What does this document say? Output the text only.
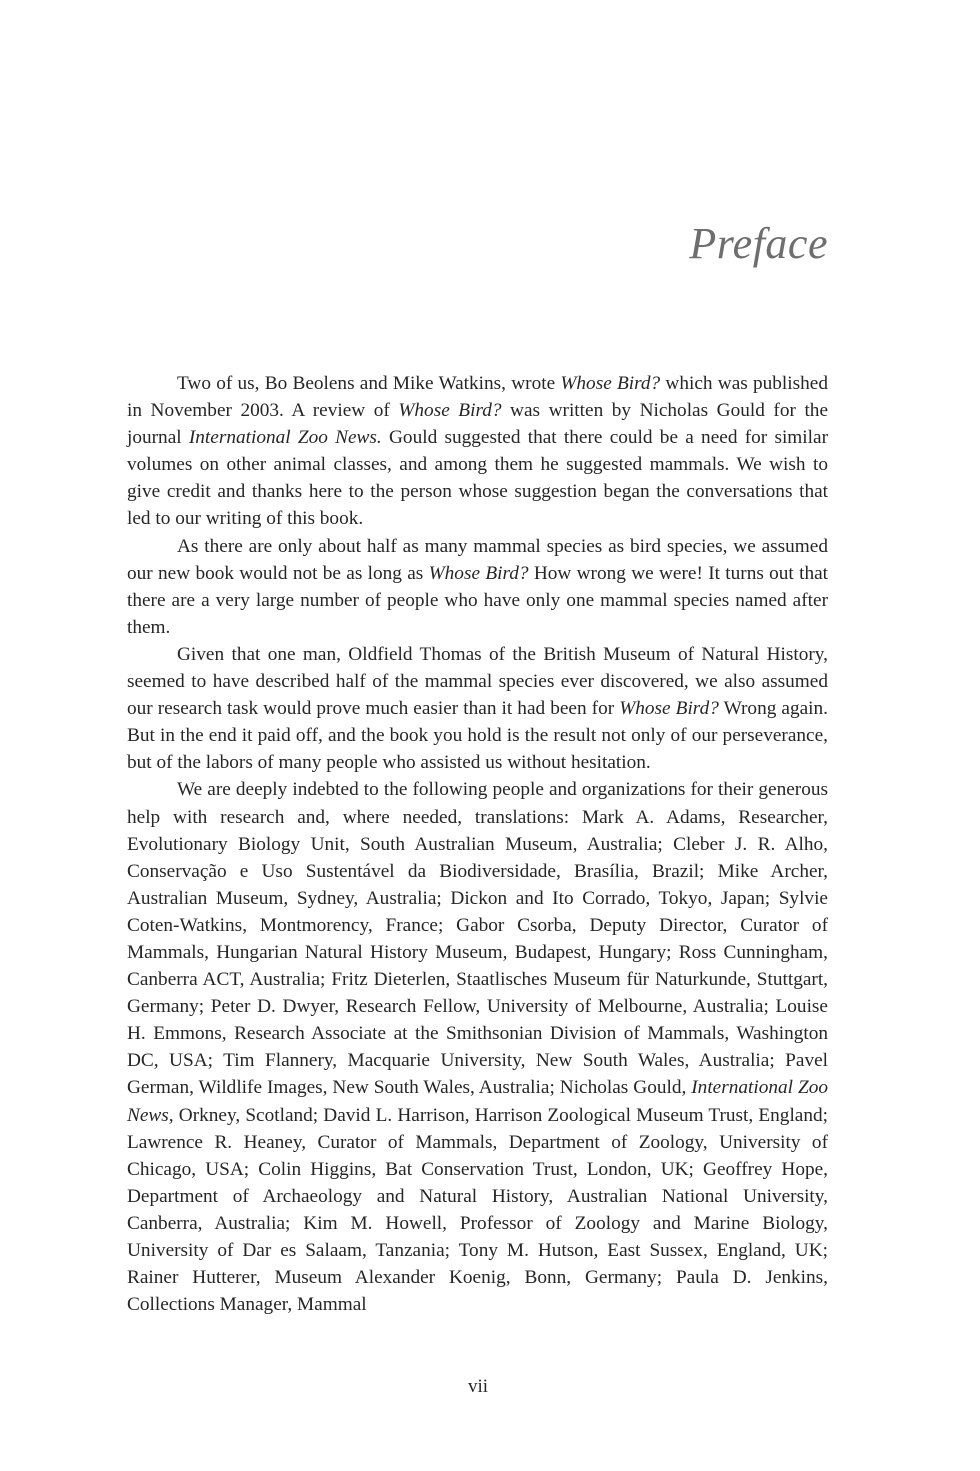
Preface

Two of us, Bo Beolens and Mike Watkins, wrote Whose Bird? which was published in November 2003. A review of Whose Bird? was written by Nicholas Gould for the journal International Zoo News. Gould suggested that there could be a need for similar volumes on other animal classes, and among them he suggested mammals. We wish to give credit and thanks here to the person whose suggestion began the conversations that led to our writing of this book.

As there are only about half as many mammal species as bird species, we assumed our new book would not be as long as Whose Bird? How wrong we were! It turns out that there are a very large number of people who have only one mammal species named after them.

Given that one man, Oldfield Thomas of the British Museum of Natural History, seemed to have described half of the mammal species ever discovered, we also assumed our research task would prove much easier than it had been for Whose Bird? Wrong again. But in the end it paid off, and the book you hold is the result not only of our perseverance, but of the labors of many people who assisted us without hesitation.

We are deeply indebted to the following people and organizations for their generous help with research and, where needed, translations: Mark A. Adams, Researcher, Evolutionary Biology Unit, South Australian Museum, Australia; Cleber J. R. Alho, Conservação e Uso Sustentável da Biodiversidade, Brasília, Brazil; Mike Archer, Australian Museum, Sydney, Australia; Dickon and Ito Corrado, Tokyo, Japan; Sylvie Coten-Watkins, Montmorency, France; Gabor Csorba, Deputy Director, Curator of Mammals, Hungarian Natural History Museum, Budapest, Hungary; Ross Cunningham, Canberra ACT, Australia; Fritz Dieterlen, Staatlisches Museum für Naturkunde, Stuttgart, Germany; Peter D. Dwyer, Research Fellow, University of Melbourne, Australia; Louise H. Emmons, Research Associate at the Smithsonian Division of Mammals, Washington DC, USA; Tim Flannery, Macquarie University, New South Wales, Australia; Pavel German, Wildlife Images, New South Wales, Australia; Nicholas Gould, International Zoo News, Orkney, Scotland; David L. Harrison, Harrison Zoological Museum Trust, England; Lawrence R. Heaney, Curator of Mammals, Department of Zoology, University of Chicago, USA; Colin Higgins, Bat Conservation Trust, London, UK; Geoffrey Hope, Department of Archaeology and Natural History, Australian National University, Canberra, Australia; Kim M. Howell, Professor of Zoology and Marine Biology, University of Dar es Salaam, Tanzania; Tony M. Hutson, East Sussex, England, UK; Rainer Hutterer, Museum Alexander Koenig, Bonn, Germany; Paula D. Jenkins, Collections Manager, Mammal

vii
